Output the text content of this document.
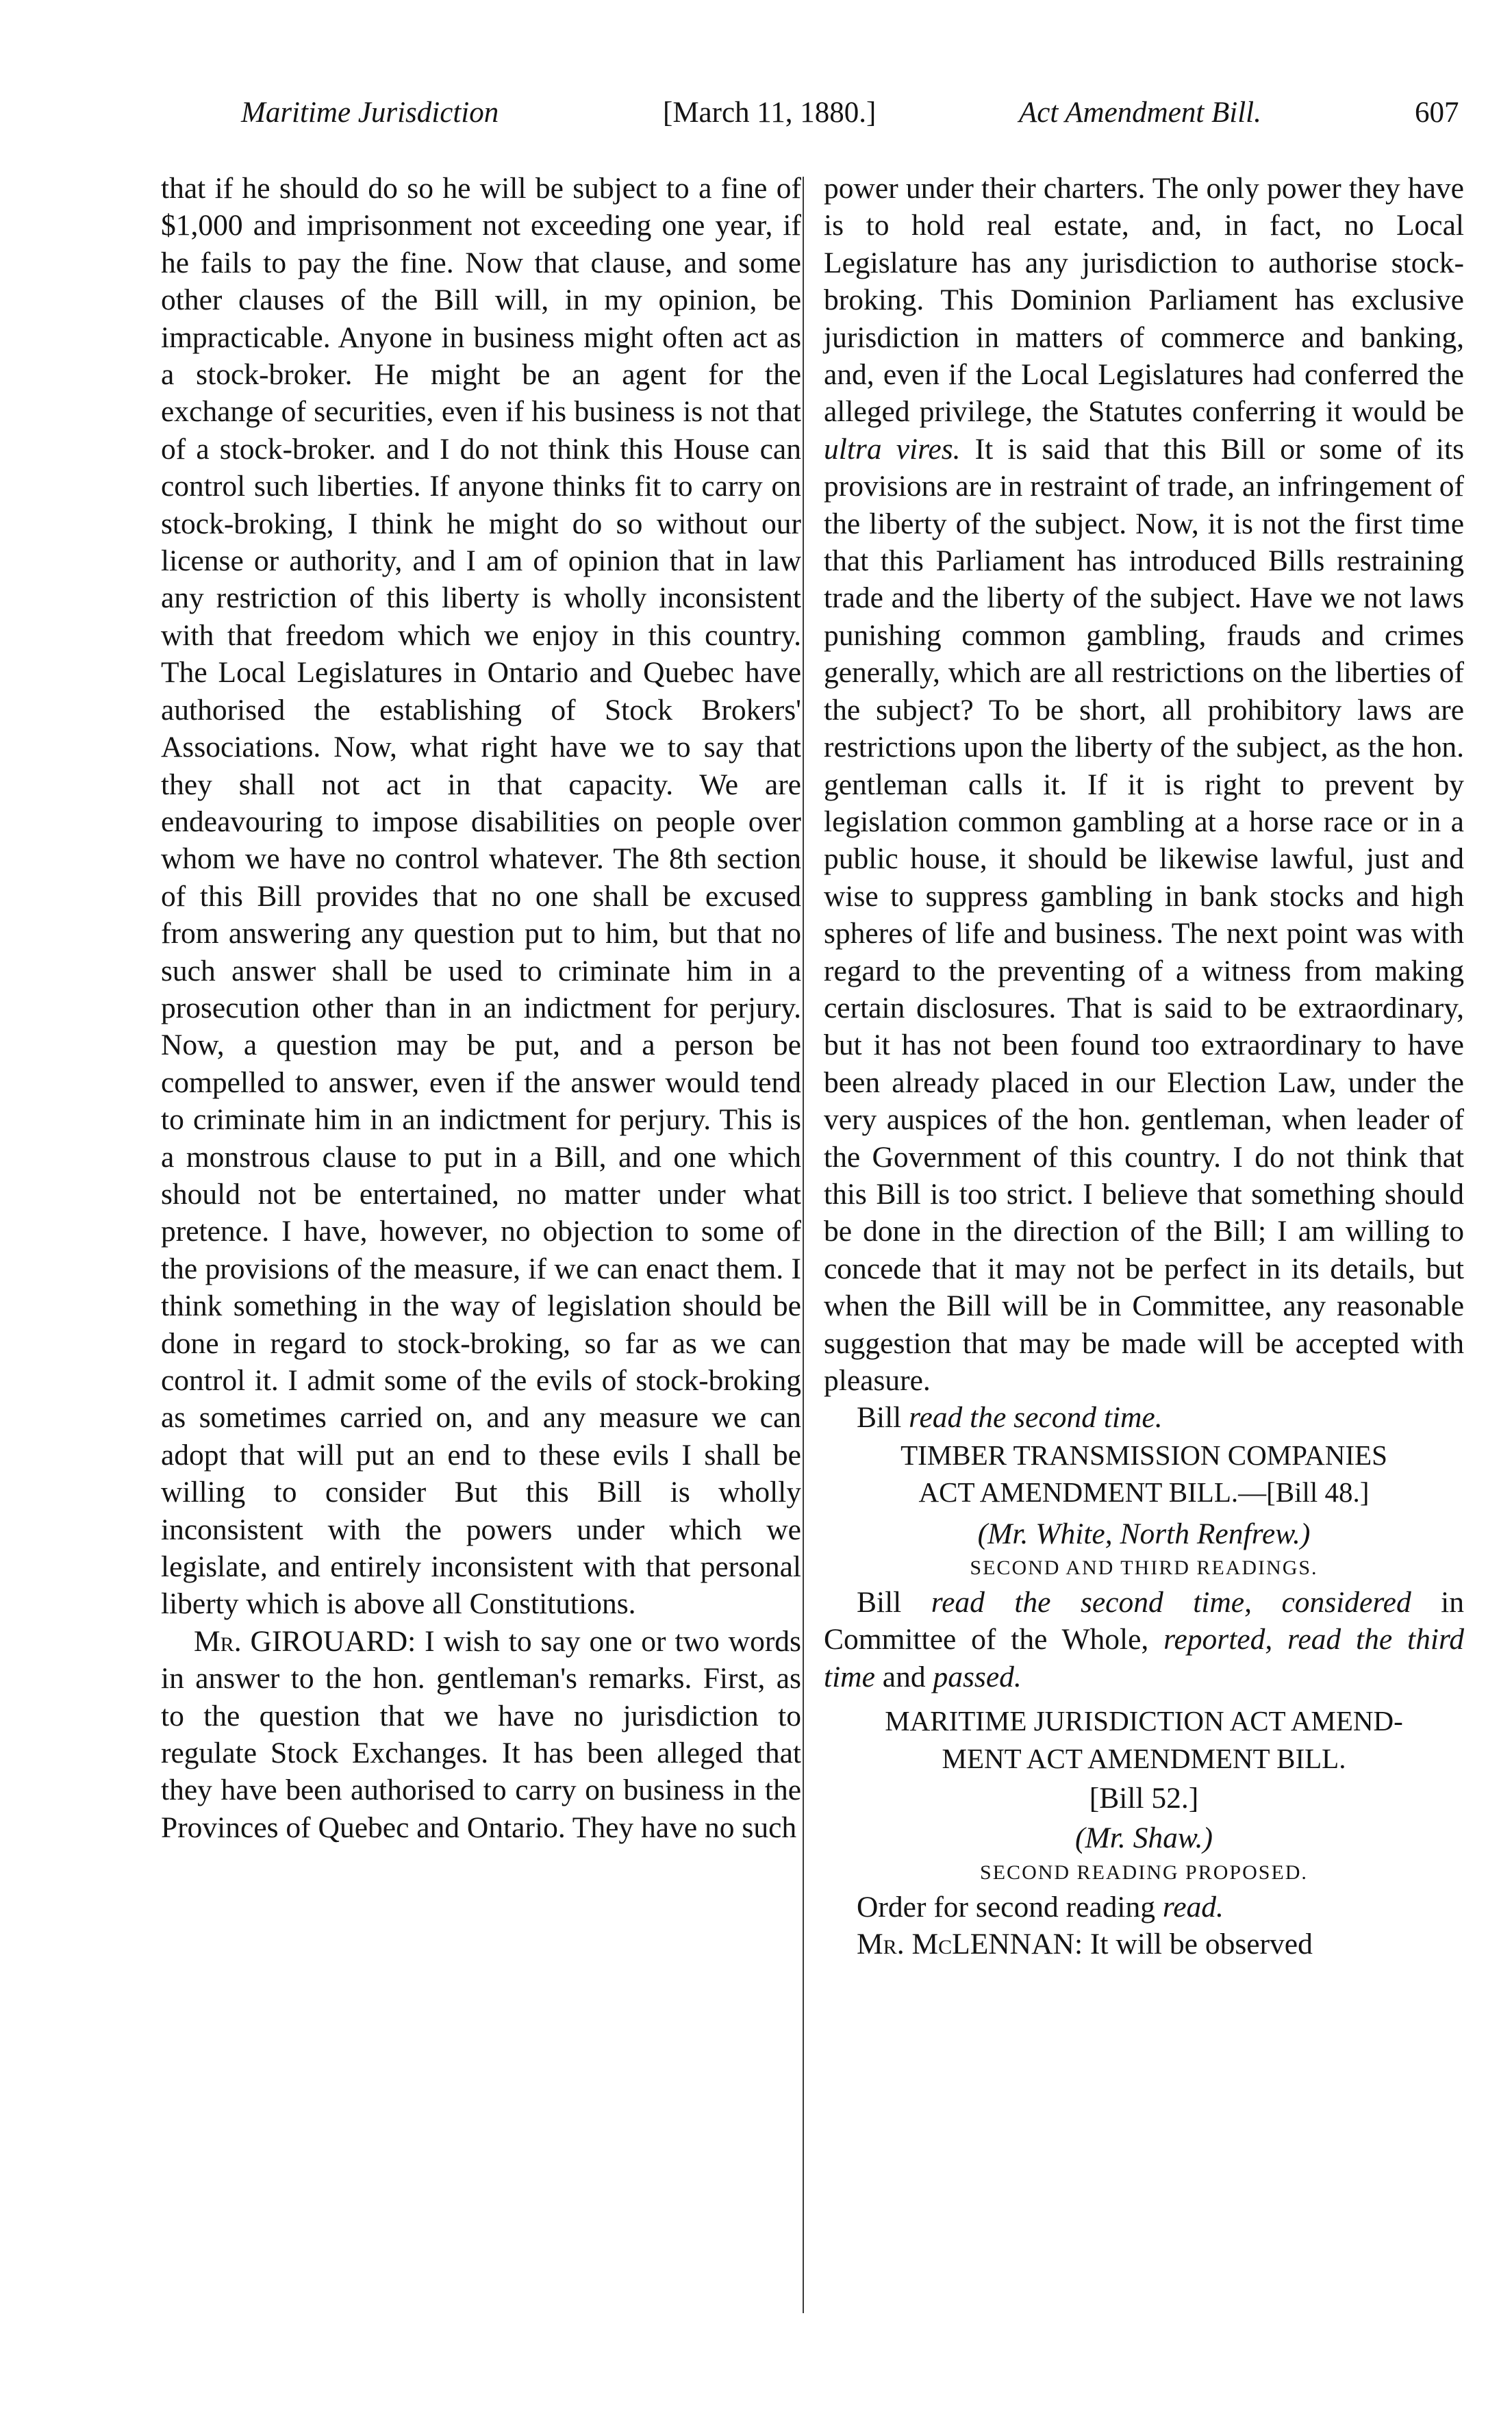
Maritime Jurisdiction	[March 11, 1880.]	Act Amendment Bill.	607

that if he should do so he will be subject to a fine of $1,000 and imprisonment not exceeding one year, if he fails to pay the fine. Now that clause, and some other clauses of the Bill will, in my opinion, be impracticable. Anyone in business might often act as a stock-broker. He might be an agent for the exchange of securities, even if his business is not that of a stock-broker. and I do not think this House can control such liberties. If anyone thinks fit to carry on stock-broking, I think he might do so without our license or authority, and I am of opinion that in law any restriction of this liberty is wholly inconsistent with that freedom which we enjoy in this country. The Local Legislatures in Ontario and Quebec have authorised the establishing of Stock Brokers' Associations. Now, what right have we to say that they shall not act in that capacity. We are endeavouring to impose disabilities on people over whom we have no control whatever. The 8th section of this Bill provides that no one shall be excused from answering any question put to him, but that no such answer shall be used to criminate him in a prosecution other than in an indictment for perjury. Now, a question may be put, and a person be compelled to answer, even if the answer would tend to criminate him in an indictment for perjury. This is a monstrous clause to put in a Bill, and one which should not be entertained, no matter under what pretence. I have, however, no objection to some of the provisions of the measure, if we can enact them. I think something in the way of legislation should be done in regard to stock-broking, so far as we can control it. I admit some of the evils of stock-broking as sometimes carried on, and any measure we can adopt that will put an end to these evils I shall be willing to consider But this Bill is wholly inconsistent with the powers under which we legislate, and entirely inconsistent with that personal liberty which is above all Constitutions.

Mr. GIROUARD: I wish to say one or two words in answer to the hon. gentleman's remarks. First, as to the question that we have no jurisdiction to regulate Stock Exchanges. It has been alleged that they have been authorised to carry on business in the Provinces of Quebec and Ontario. They have no such

power under their charters. The only power they have is to hold real estate, and, in fact, no Local Legislature has any jurisdiction to authorise stock-broking. This Dominion Parliament has exclusive jurisdiction in matters of commerce and banking, and, even if the Local Legislatures had conferred the alleged privilege, the Statutes conferring it would be ultra vires. It is said that this Bill or some of its provisions are in restraint of trade, an infringement of the liberty of the subject. Now, it is not the first time that this Parliament has introduced Bills restraining trade and the liberty of the subject. Have we not laws punishing common gambling, frauds and crimes generally, which are all restrictions on the liberties of the subject? To be short, all prohibitory laws are restrictions upon the liberty of the subject, as the hon. gentleman calls it. If it is right to prevent by legislation common gambling at a horse race or in a public house, it should be likewise lawful, just and wise to suppress gambling in bank stocks and high spheres of life and business. The next point was with regard to the preventing of a witness from making certain disclosures. That is said to be extraordinary, but it has not been found too extraordinary to have been already placed in our Election Law, under the very auspices of the hon. gentleman, when leader of the Government of this country. I do not think that this Bill is too strict. I believe that something should be done in the direction of the Bill; I am willing to concede that it may not be perfect in its details, but when the Bill will be in Committee, any reasonable suggestion that may be made will be accepted with pleasure.

Bill read the second time.

TIMBER TRANSMISSION COMPANIES
ACT AMENDMENT BILL.—[Bill 48.]

(Mr. White, North Renfrew.)

SECOND AND THIRD READINGS.

Bill read the second time, considered in Committee of the Whole, reported, read the third time and passed.

MARITIME JURISDICTION ACT AMEND-
MENT ACT AMENDMENT BILL.

[Bill 52.]

(Mr. Shaw.)

SECOND READING PROPOSED.

Order for second reading read.

Mr. McLENNAN: It will be observed
